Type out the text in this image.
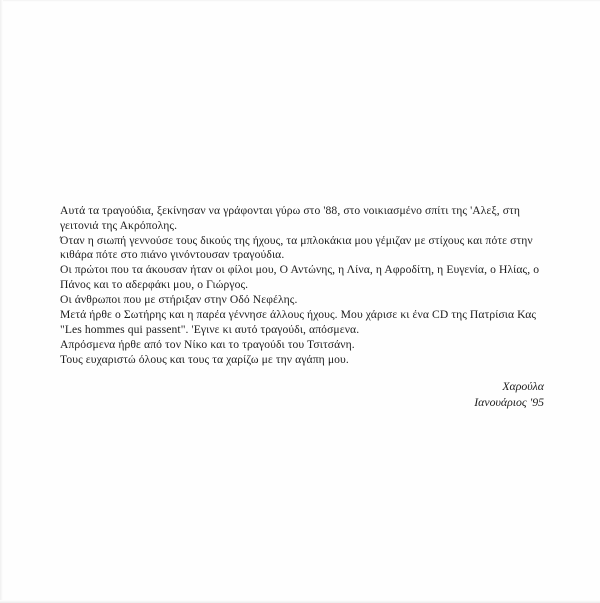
Αυτά τα τραγούδια, ξεκίνησαν να γράφονται γύρω στο '88, στο νοικιασμένο σπίτι της 'Αλεξ, στη γειτονιά της Ακρόπολης.

Όταν η σιωπή γεννούσε τους δικούς της ήχους, τα μπλοκάκια μου γέμιζαν με στίχους και πότε στην κιθάρα πότε στο πιάνο γινόντουσαν τραγούδια.

Οι πρώτοι που τα άκουσαν ήταν οι φίλοι μου, Ο Αντώνης, η Λίνα, η Αφροδίτη, η Ευγενία, ο Ηλίας, ο Πάνος και το αδερφάκι μου, ο Γιώργος.

Οι άνθρωποι που με στήριξαν στην Οδό Νεφέλης.

Μετά ήρθε ο Σωτήρης και η παρέα γέννησε άλλους ήχους. Μου χάρισε κι ένα CD της Πατρίσια Κας "Les hommes qui passent". 'Εγινε κι αυτό τραγούδι, απόσμενα.

Απρόσμενα ήρθε από τον Νίκο και το τραγούδι του Τσιτσάνη.

Τους ευχαριστώ όλους και τους τα χαρίζω με την αγάπη μου.

Χαρούλα
Ιανουάριος '95
